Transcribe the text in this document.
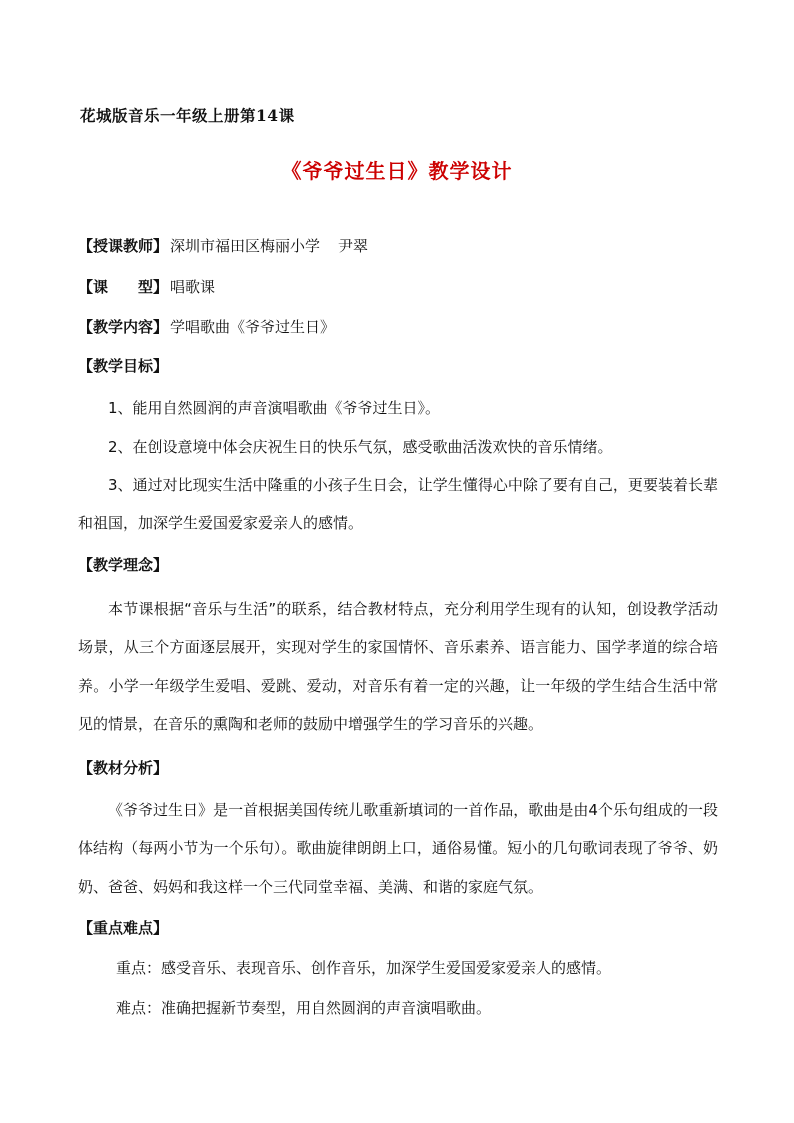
花城版音乐一年级上册第14课
《爷爷过生日》教学设计
【授课教师】 深圳市福田区梅丽小学 尹翠
【课　　型】 唱歌课
【教学内容】 学唱歌曲《爷爷过生日》
【教学目标】
1、能用自然圆润的声音演唱歌曲《爷爷过生日》。
2、在创设意境中体会庆祝生日的快乐气氛，感受歌曲活泼欢快的音乐情绪。
3、通过对比现实生活中隆重的小孩子生日会，让学生懂得心中除了要有自己，更要装着长辈和祖国，加深学生爱国爱家爱亲人的感情。
【教学理念】
本节课根据“音乐与生活”的联系，结合教材特点，充分利用学生现有的认知，创设教学活动场景，从三个方面逐层展开，实现对学生的家国情怀、音乐素养、语言能力、国学孝道的综合培养。小学一年级学生爱唱、爱跳、爱动，对音乐有着一定的兴趣，让一年级的学生结合生活中常见的情景，在音乐的熏陶和老师的鼓励中增强学生的学习音乐的兴趣。
【教材分析】
《爷爷过生日》是一首根据美国传统儿歌重新填词的一首作品，歌曲是由4个乐句组成的一段体结构（每两小节为一个乐句）。歌曲旋律朗朗上口，通俗易懂。短小的几句歌词表现了爷爷、奶奶、爸爸、妈妈和我这样一个三代同堂幸福、美满、和谐的家庭气氛。
【重点难点】
重点：感受音乐、表现音乐、创作音乐，加深学生爱国爱家爱亲人的感情。
难点：准确把握新节奏型，用自然圆润的声音演唱歌曲。
